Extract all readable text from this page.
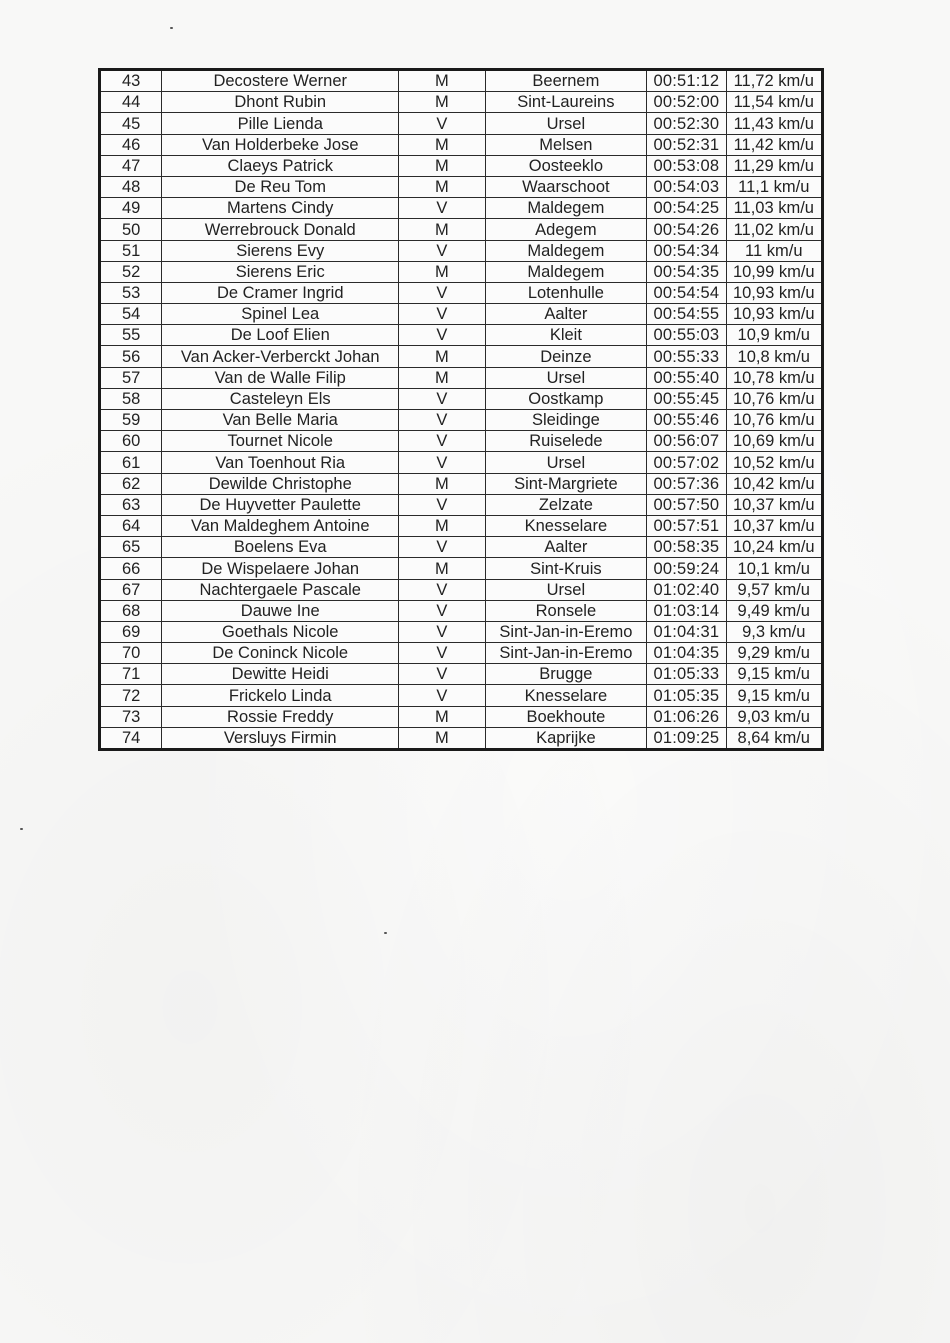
43	Decostere Werner	M	Beernem	00:51:12	11,72 km/u
44	Dhont Rubin	M	Sint-Laureins	00:52:00	11,54 km/u
45	Pille Lienda	V	Ursel	00:52:30	11,43 km/u
46	Van Holderbeke Jose	M	Melsen	00:52:31	11,42 km/u
47	Claeys Patrick	M	Oosteeklo	00:53:08	11,29 km/u
48	De Reu Tom	M	Waarschoot	00:54:03	11,1 km/u
49	Martens Cindy	V	Maldegem	00:54:25	11,03 km/u
50	Werrebrouck Donald	M	Adegem	00:54:26	11,02 km/u
51	Sierens Evy	V	Maldegem	00:54:34	11 km/u
52	Sierens Eric	M	Maldegem	00:54:35	10,99 km/u
53	De Cramer Ingrid	V	Lotenhulle	00:54:54	10,93 km/u
54	Spinel Lea	V	Aalter	00:54:55	10,93 km/u
55	De Loof Elien	V	Kleit	00:55:03	10,9 km/u
56	Van Acker-Verberckt Johan	M	Deinze	00:55:33	10,8 km/u
57	Van de Walle Filip	M	Ursel	00:55:40	10,78 km/u
58	Casteleyn Els	V	Oostkamp	00:55:45	10,76 km/u
59	Van Belle Maria	V	Sleidinge	00:55:46	10,76 km/u
60	Tournet Nicole	V	Ruiselede	00:56:07	10,69 km/u
61	Van Toenhout Ria	V	Ursel	00:57:02	10,52 km/u
62	Dewilde Christophe	M	Sint-Margriete	00:57:36	10,42 km/u
63	De Huyvetter Paulette	V	Zelzate	00:57:50	10,37 km/u
64	Van Maldeghem Antoine	M	Knesselare	00:57:51	10,37 km/u
65	Boelens Eva	V	Aalter	00:58:35	10,24 km/u
66	De Wispelaere Johan	M	Sint-Kruis	00:59:24	10,1 km/u
67	Nachtergaele Pascale	V	Ursel	01:02:40	9,57 km/u
68	Dauwe Ine	V	Ronsele	01:03:14	9,49 km/u
69	Goethals Nicole	V	Sint-Jan-in-Eremo	01:04:31	9,3 km/u
70	De Coninck Nicole	V	Sint-Jan-in-Eremo	01:04:35	9,29 km/u
71	Dewitte Heidi	V	Brugge	01:05:33	9,15 km/u
72	Frickelo Linda	V	Knesselare	01:05:35	9,15 km/u
73	Rossie Freddy	M	Boekhoute	01:06:26	9,03 km/u
74	Versluys Firmin	M	Kaprijke	01:09:25	8,64 km/u
